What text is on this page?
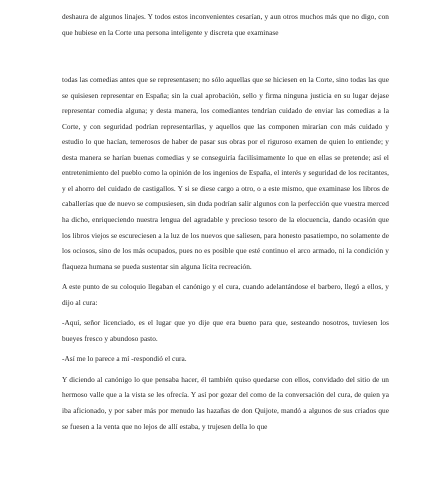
deshaura de algunos linajes. Y todos estos inconvenientes cesarían, y aun otros muchos más que no digo, con que hubiese en la Corte una persona inteligente y discreta que examinase

todas las comedias antes que se representasen; no sólo aquellas que se hiciesen en la Corte, sino todas las que se quisiesen representar en España; sin la cual aprobación, sello y firma ninguna justicia en su lugar dejase representar comedia alguna; y desta manera, los comediantes tendrían cuidado de enviar las comedias a la Corte, y con seguridad podrían representarllas, y aquellos que las componen mirarían con más cuidado y estudio lo que hacían, temerosos de haber de pasar sus obras por el riguroso examen de quien lo entiende; y desta manera se harían buenas comedias y se conseguiría facilísimamente lo que en ellas se pretende; así el entretenimiento del pueblo como la opinión de los ingenios de España, el interés y seguridad de los recitantes, y el ahorro del cuidado de castigallos. Y si se diese cargo a otro, o a este mismo, que examinase los libros de caballerías que de nuevo se compusiesen, sin duda podrían salir algunos con la perfección que vuestra merced ha dicho, enriqueciendo nuestra lengua del agradable y precioso tesoro de la elocuencia, dando ocasión que los libros viejos se escureciesen a la luz de los nuevos que saliesen, para honesto pasatiempo, no solamente de los ociosos, sino de los más ocupados, pues no es posible que esté continuo el arco armado, ni la condición y flaqueza humana se pueda sustentar sin alguna lícita recreación.

A este punto de su coloquio llegaban el canónigo y el cura, cuando adelantándose el barbero, llegó a ellos, y dijo al cura:

-Aquí, señor licenciado, es el lugar que yo dije que era bueno para que, sesteando nosotros, tuviesen los bueyes fresco y abundoso pasto.

-Así me lo parece a mí -respondió el cura.

Y diciendo al canónigo lo que pensaba hacer, él también quiso quedarse con ellos, convidado del sitio de un hermoso valle que a la vista se les ofrecía. Y así por gozar del como de la conversación del cura, de quien ya iba aficionado, y por saber más por menudo las hazañas de don Quijote, mandó a algunos de sus criados que se fuesen a la venta que no lejos de allí estaba, y trujesen della lo que
